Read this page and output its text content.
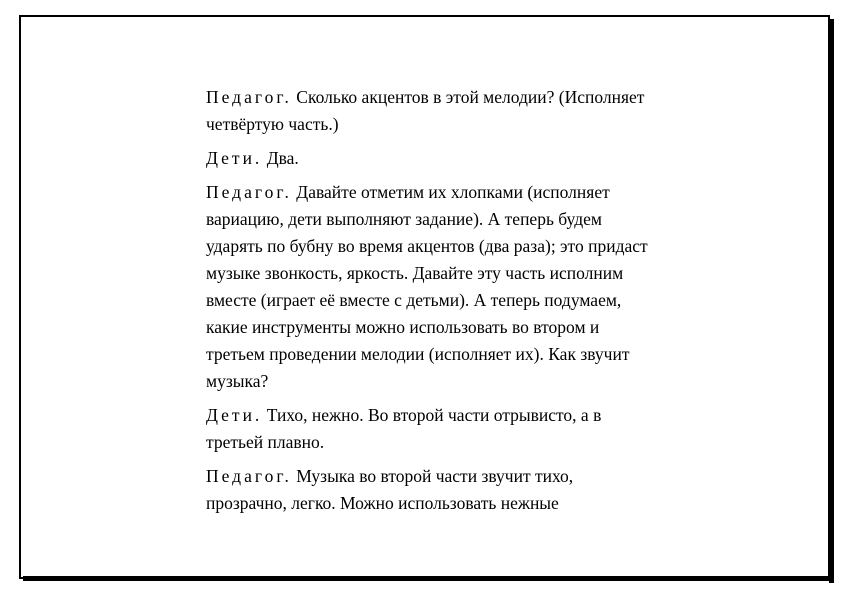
Педагог. Сколько акцентов в этой мелодии? (Исполняет
четвёртую часть.)

Дети. Два.

Педагог. Давайте отметим их хлопками (исполняет
вариацию, дети выполняют задание). А теперь будем
ударять по бубну во время акцентов (два раза); это придаст
музыке звонкость, яркость. Давайте эту часть исполним
вместе (играет её вместе с детьми). А теперь подумаем,
какие инструменты можно использовать во втором и
третьем проведении мелодии (исполняет их). Как звучит
музыка?

Дети. Тихо, нежно. Во второй части отрывисто, а в
третьей плавно.

Педагог. Музыка во второй части звучит тихо,
прозрачно, легко. Можно использовать нежные
